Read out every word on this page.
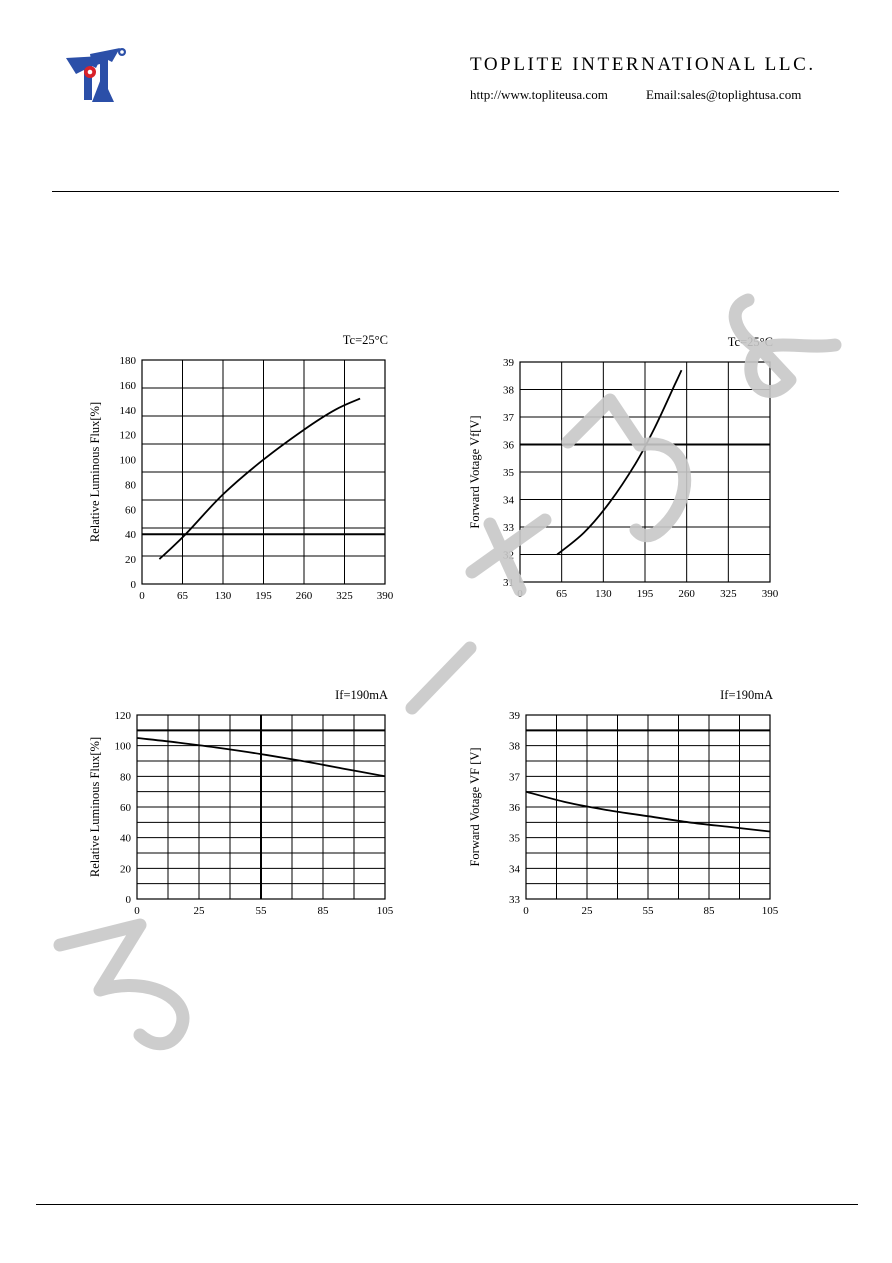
TOPLITE INTERNATIONAL LLC.
http://www.topliteusa.com	Email:sales@toplightusa.com
0	65 130 195 260 325 390
0
20
40
60
80
100
120
140
160
180
Relative Luminous Flux[%]
Tc=25°C
0	65	130 195 260 325 390
31
32
33
34
35
36
37
38
39
Forward Votage Vf[V]
Tc=25°C
0	25	55	85	105
0
20
40
60
80
100
120
Relative Luminous Flux[%]
If=190mA
0	25	55	85	105
33
34
35
36
37
38
39
Forward Votage VF [V]
If=190mA
